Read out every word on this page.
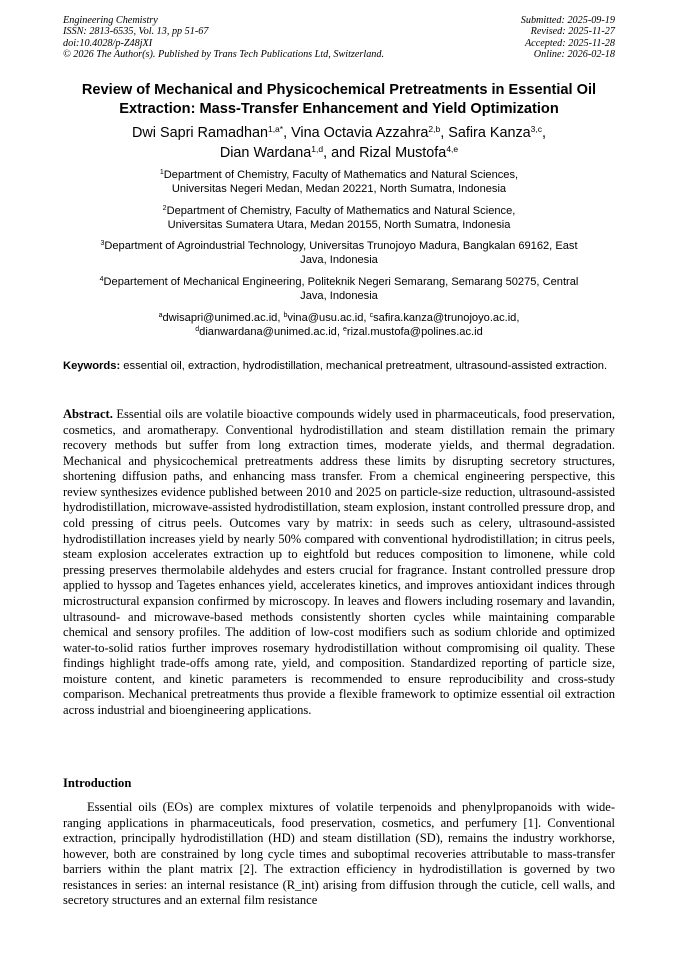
Engineering Chemistry
ISSN: 2813-6535, Vol. 13, pp 51-67
doi:10.4028/p-Z48jXI
© 2026 The Author(s). Published by Trans Tech Publications Ltd, Switzerland.
Submitted: 2025-09-19
Revised: 2025-11-27
Accepted: 2025-11-28
Online: 2026-02-18
Review of Mechanical and Physicochemical Pretreatments in Essential Oil Extraction: Mass-Transfer Enhancement and Yield Optimization
Dwi Sapri Ramadhan$^{1,a*}$, Vina Octavia Azzahra$^{2,b}$, Safira Kanza$^{3,c}$,
Dian Wardana$^{1,d}$, and Rizal Mustofa$^{4,e}$
$^1$Department of Chemistry, Faculty of Mathematics and Natural Sciences,
Universitas Negeri Medan, Medan 20221, North Sumatra, Indonesia
$^2$Department of Chemistry, Faculty of Mathematics and Natural Science,
Universitas Sumatera Utara, Medan 20155, North Sumatra, Indonesia
$^3$Department of Agroindustrial Technology, Universitas Trunojoyo Madura, Bangkalan 69162, East
Java, Indonesia
$^4$Departement of Mechanical Engineering, Politeknik Negeri Semarang, Semarang 50275, Central
Java, Indonesia
$^a$dwisapri@unimed.ac.id, $^b$vina@usu.ac.id, $^c$safira.kanza@trunojoyo.ac.id,
$^d$dianwardana@unimed.ac.id, $^e$rizal.mustofa@polines.ac.id
Keywords: essential oil, extraction, hydrodistillation, mechanical pretreatment, ultrasound-assisted extraction.

Abstract. Essential oils are volatile bioactive compounds widely used in pharmaceuticals, food preservation, cosmetics, and aromatherapy. Conventional hydrodistillation and steam distillation remain the primary recovery methods but suffer from long extraction times, moderate yields, and thermal degradation. Mechanical and physicochemical pretreatments address these limits by disrupting secretory structures, shortening diffusion paths, and enhancing mass transfer. From a chemical engineering perspective, this review synthesizes evidence published between 2010 and 2025 on particle-size reduction, ultrasound-assisted hydrodistillation, microwave-assisted hydrodistillation, steam explosion, instant controlled pressure drop, and cold pressing of citrus peels. Outcomes vary by matrix: in seeds such as celery, ultrasound-assisted hydrodistillation increases yield by nearly 50% compared with conventional hydrodistillation; in citrus peels, steam explosion accelerates extraction up to eightfold but reduces composition to limonene, while cold pressing preserves thermolabile aldehydes and esters crucial for fragrance. Instant controlled pressure drop applied to hyssop and Tagetes enhances yield, accelerates kinetics, and improves antioxidant indices through microstructural expansion confirmed by microscopy. In leaves and flowers including rosemary and lavandin, ultrasound- and microwave-based methods consistently shorten cycles while maintaining comparable chemical and sensory profiles. The addition of low-cost modifiers such as sodium chloride and optimized water-to-solid ratios further improves rosemary hydrodistillation without compromising oil quality. These findings highlight trade-offs among rate, yield, and composition. Standardized reporting of particle size, moisture content, and kinetic parameters is recommended to ensure reproducibility and cross-study comparison. Mechanical pretreatments thus provide a flexible framework to optimize essential oil extraction across industrial and bioengineering applications.

Introduction

Essential oils (EOs) are complex mixtures of volatile terpenoids and phenylpropanoids with wide-ranging applications in pharmaceuticals, food preservation, cosmetics, and perfumery [1]. Conventional extraction, principally hydrodistillation (HD) and steam distillation (SD), remains the industry workhorse, however, both are constrained by long cycle times and suboptimal recoveries attributable to mass-transfer barriers within the plant matrix [2]. The extraction efficiency in hydrodistillation is governed by two resistances in series: an internal resistance (R_int) arising from diffusion through the cuticle, cell walls, and secretory structures and an external film resistance
